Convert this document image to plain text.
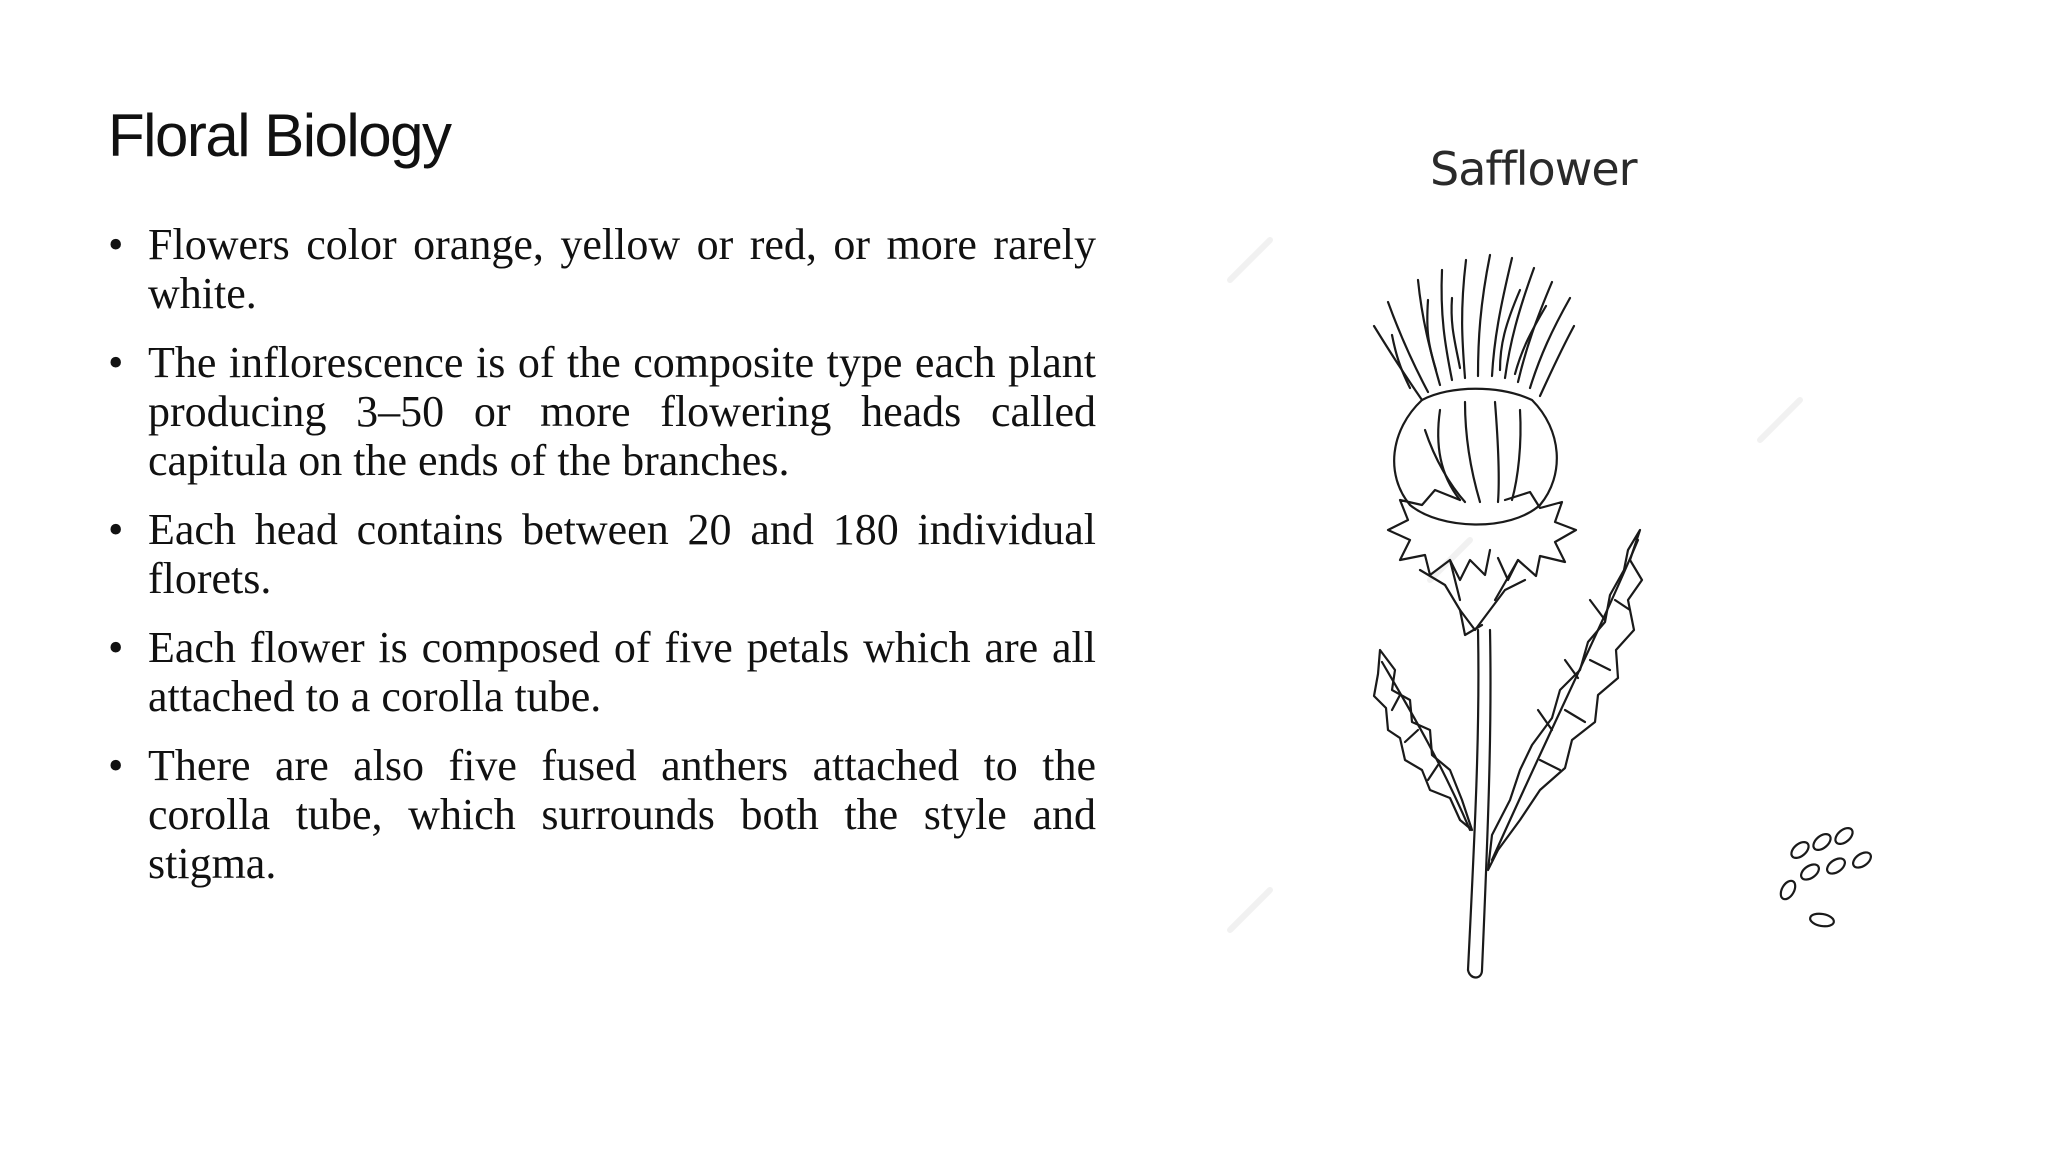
Floral Biology
• Flowers color orange, yellow or red, or more rarely white.
• The inflorescence is of the composite type each plant producing 3–50 or more flowering heads called capitula on the ends of the branches.
• Each head contains between 20 and 180 individual florets.
• Each flower is composed of five petals which are all attached to a corolla tube.
• There are also five fused anthers attached to the corolla tube, which surrounds both the style and stigma.
Safflower
